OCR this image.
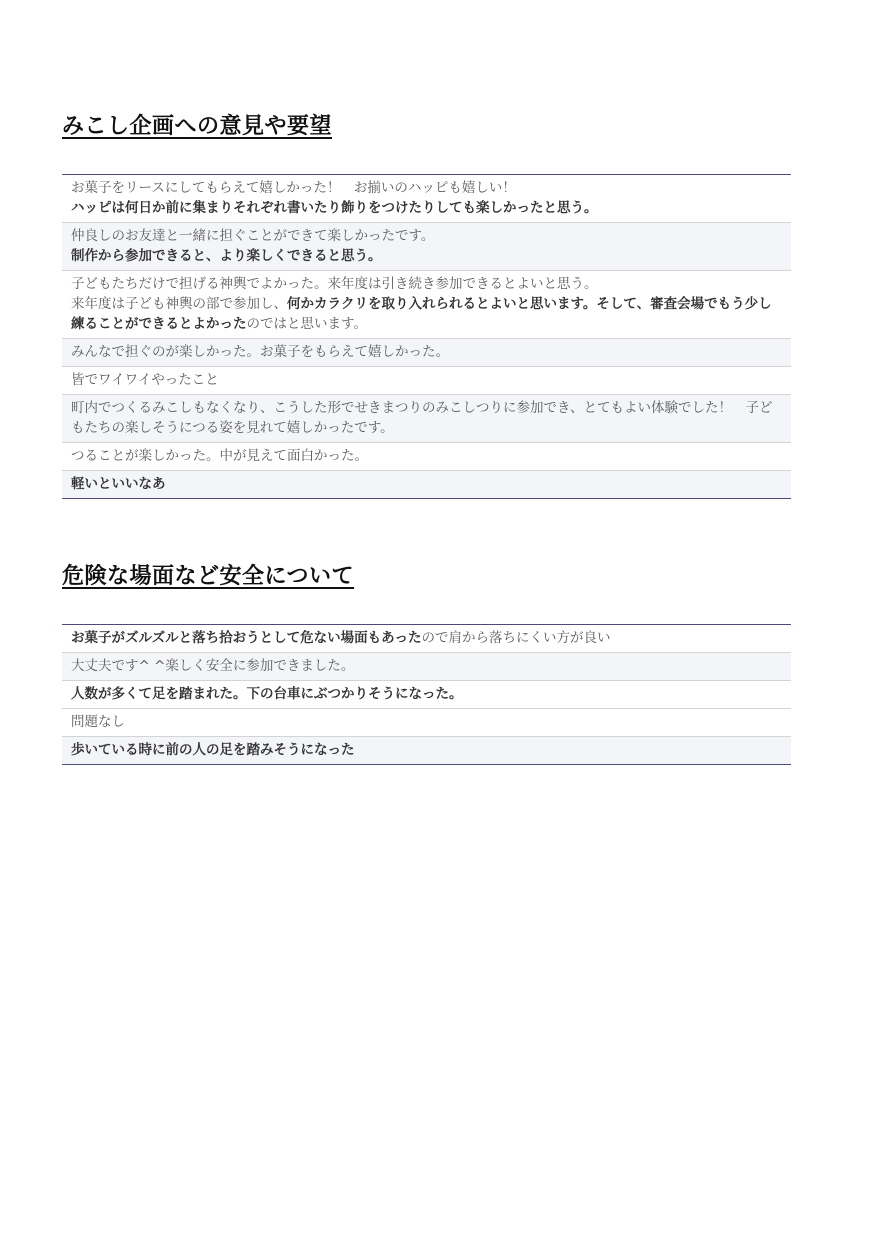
みこし企画への意見や要望
お菓子をリースにしてもらえて嬉しかった！　お揃いのハッピも嬉しい！
ハッピは何日か前に集まりそれぞれ書いたり飾りをつけたりしても楽しかったと思う。
仲良しのお友達と一緒に担ぐことができて楽しかったです。
制作から参加できると、より楽しくできると思う。
子どもたちだけで担げる神輿でよかった。来年度は引き続き参加できるとよいと思う。
来年度は子ども神輿の部で参加し、何かカラクリを取り入れられるとよいと思います。そして、審査会場でもう少し練ることができるとよかったのではと思います。
みんなで担ぐのが楽しかった。お菓子をもらえて嬉しかった。
皆でワイワイやったこと
町内でつくるみこしもなくなり、こうした形でせきまつりのみこしつりに参加でき、とてもよい体験でした！　子どもたちの楽しそうにつる姿を見れて嬉しかったです。
つることが楽しかった。中が見えて面白かった。
軽いといいなあ
危険な場面など安全について
お菓子がズルズルと落ち拾おうとして危ない場面もあったので肩から落ちにくい方が良い
大丈夫です^ ^楽しく安全に参加できました。
人数が多くて足を踏まれた。下の台車にぶつかりそうになった。
問題なし
歩いている時に前の人の足を踏みそうになった
